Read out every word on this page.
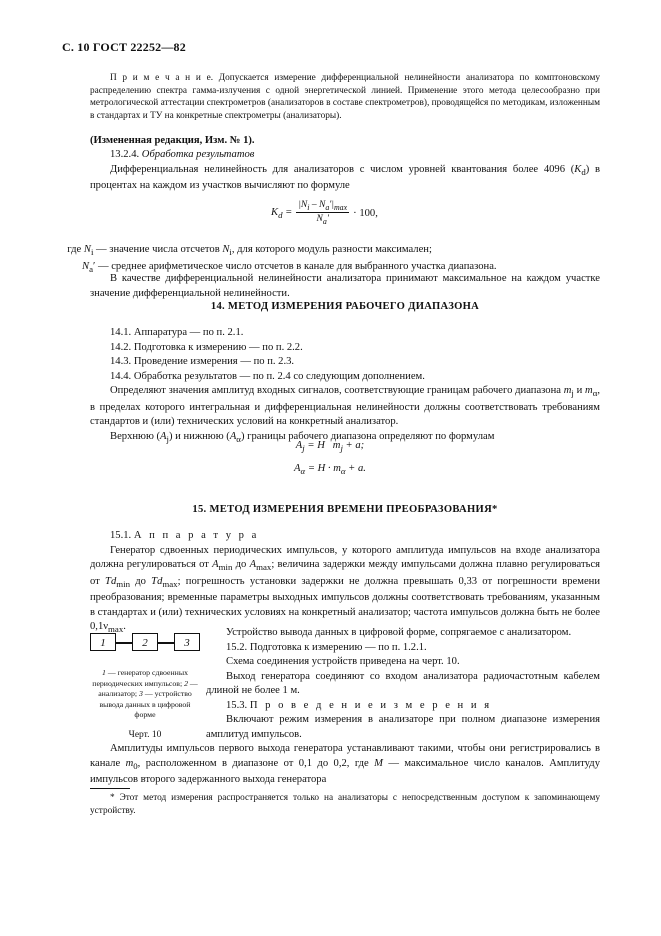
С. 10 ГОСТ 22252—82

П р и м е ч а н и е. Допускается измерение дифференциальной нелинейности анализатора по комптоновскому распределению спектра гамма-излучения с одной энергетической линией. Применение этого метода целесообразно при метрологической аттестации спектрометров (анализаторов в составе спектрометров), проводящейся по методикам, изложенным в стандартах и ТУ на конкретные спектрометры (анализаторы).

(Измененная редакция, Изм. № 1).

13.2.4. Обработка результатов

Дифференциальная нелинейность для анализаторов с числом уровней квантования более 4096 $(K_d)$ в процентах на каждом из участков вычисляют по формуле

$K_d$ =	$|N_i - N_a'|_{max}$	· 100,
$N_a'$

где $N_i$ — значение числа отсчетов $N_i$, для которого модуль разности максимален;

$N_a'$ — среднее арифметическое число отсчетов в канале для выбранного участка диапазона.

В качестве дифференциальной нелинейности анализатора принимают максимальное на каждом участке значение дифференциальной нелинейности.

14. МЕТОД ИЗМЕРЕНИЯ РАБОЧЕГО ДИАПАЗОНА

14.1. Аппаратура — по п. 2.1.

14.2. Подготовка к измерению — по п. 2.2.

14.3. Проведение измерения — по п. 2.3.

14.4. Обработка результатов — по п. 2.4 со следующим дополнением.

Определяют значения амплитуд входных сигналов, соответствующие границам рабочего диапазона $m_j$ и $m_\alpha$, в пределах которого интегральная и дифференциальная нелинейности должны соответствовать требованиям стандартов и (или) технических условий на конкретный анализатор.

Верхнюю $(A_j)$ и нижнюю $(A_\alpha)$ границы рабочего диапазона определяют по формулам

$A_j = H$ $m_j + a$;
$A_\alpha = H \cdot m_\alpha + a$.
15. МЕТОД ИЗМЕРЕНИЯ ВРЕМЕНИ ПРЕОБРАЗОВАНИЯ*

15.1. А п п а р а т у р а

Генератор сдвоенных периодических импульсов, у которого амплитуда импульсов на входе анализатора должна регулироваться от $A_{min}$ до $A_{max}$; величина задержки между импульсами должна плавно регулироваться от $Td_{min}$ до $Td_{max}$; погрешность установки задержки не должна превышать 0,33 от погрешности времени преобразования; временные параметры выходных импульсов должны соответствовать требованиям, указанным в стандартах и (или) технических условиях на конкретный анализатор; частота импульсов должна быть не более $0,1\nu_{max}$.

1	2	3
1 — генератор сдвоенных периодических импульсов; 2 — анализатор; 3 — устройство вывода данных в цифровой форме
Черт. 10

Устройство вывода данных в цифровой форме, сопрягаемое с анализатором.

15.2. Подготовка к измерению — по п. 1.2.1.

Схема соединения устройств приведена на черт. 10.

Выход генератора соединяют со входом анализатора радиочастотным кабелем длиной не более 1 м.

15.3. П р о в е д е н и е и з м е р е н и я

Включают режим измерения в анализаторе при полном диапазоне измерения амплитуд импульсов.

Амплитуды импульсов первого выхода генератора устанавливают такими, чтобы они регистрировались в канале $m_0$, расположенном в диапазоне от 0,1 до 0,2, где M — максимальное число каналов. Амплитуду импульсов второго задержанного выхода генератора

* Этот метод измерения распространяется только на анализаторы с непосредственным доступом к запоминающему устройству.
